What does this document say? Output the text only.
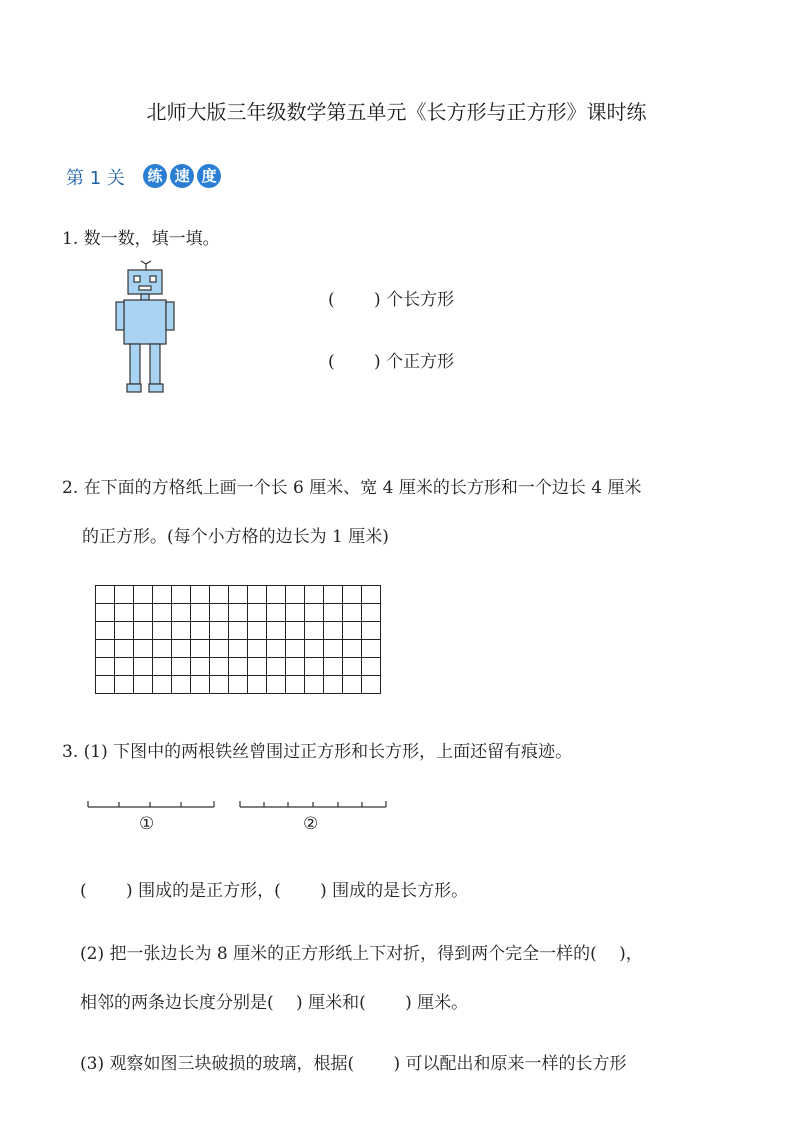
北师大版三年级数学第五单元《长方形与正方形》课时练
第 1 关 练 速 度
1. 数一数，填一填。
(　　 ) 个长方形
(　　 ) 个正方形
2. 在下面的方格纸上画一个长 6 厘米、宽 4 厘米的长方形和一个边长 4 厘米
的正方形。(每个小方格的边长为 1 厘米)

3. (1) 下图中的两根铁丝曾围过正方形和长方形，上面还留有痕迹。
①	②
(　　 ) 围成的是正方形，(　　 ) 围成的是长方形。
(2) 把一张边长为 8 厘米的正方形纸上下对折，得到两个完全一样的(　 )，
相邻的两条边长度分别是(　 ) 厘米和(　　 ) 厘米。
(3) 观察如图三块破损的玻璃，根据(　　 ) 可以配出和原来一样的长方形
